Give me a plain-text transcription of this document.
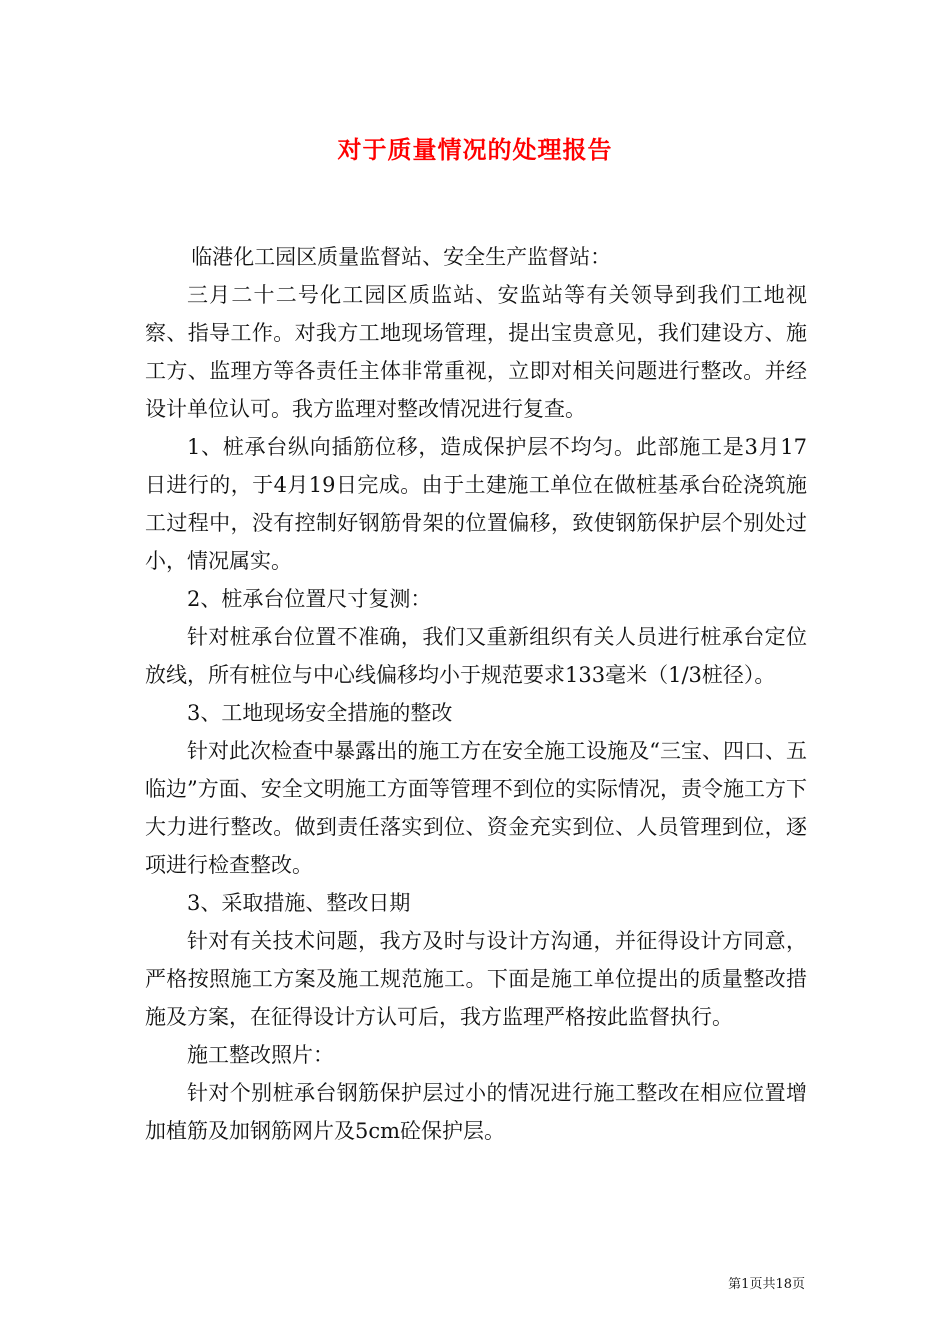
对于质量情况的处理报告

临港化工园区质量监督站、安全生产监督站：

三月二十二号化工园区质监站、安监站等有关领导到我们工地视察、指导工作。对我方工地现场管理，提出宝贵意见，我们建设方、施工方、监理方等各责任主体非常重视，立即对相关问题进行整改。并经设计单位认可。我方监理对整改情况进行复查。

1、桩承台纵向插筋位移，造成保护层不均匀。此部施工是3月17日进行的，于4月19日完成。由于土建施工单位在做桩基承台砼浇筑施工过程中，没有控制好钢筋骨架的位置偏移，致使钢筋保护层个别处过小，情况属实。

2、桩承台位置尺寸复测：

针对桩承台位置不准确，我们又重新组织有关人员进行桩承台定位放线，所有桩位与中心线偏移均小于规范要求133毫米（1/3桩径）。

3、工地现场安全措施的整改

针对此次检查中暴露出的施工方在安全施工设施及“三宝、四口、五临边”方面、安全文明施工方面等管理不到位的实际情况，责令施工方下大力进行整改。做到责任落实到位、资金充实到位、人员管理到位，逐项进行检查整改。

3、采取措施、整改日期

针对有关技术问题，我方及时与设计方沟通，并征得设计方同意，严格按照施工方案及施工规范施工。下面是施工单位提出的质量整改措施及方案，在征得设计方认可后，我方监理严格按此监督执行。

施工整改照片：

针对个别桩承台钢筋保护层过小的情况进行施工整改在相应位置增加植筋及加钢筋网片及5cm砼保护层。

第1页共18页
